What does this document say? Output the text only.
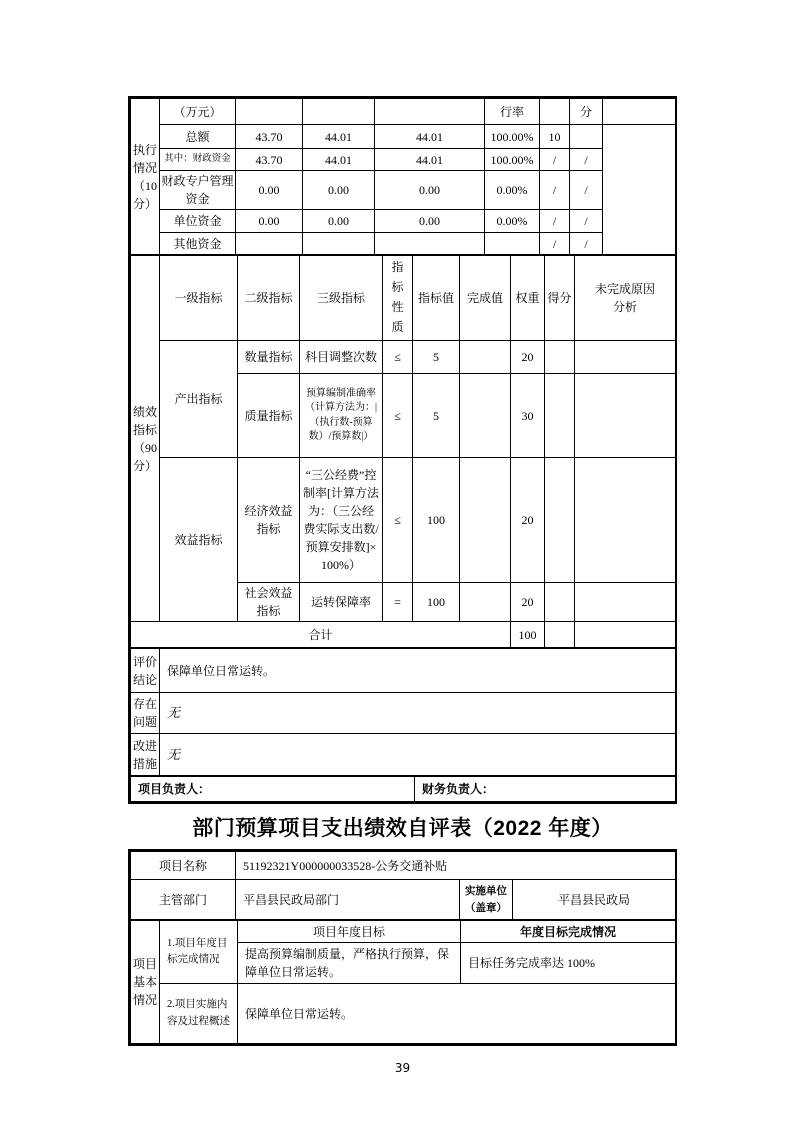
执行情况（10分）	（万元）				行率		分	
	总额	43.70	44.01	44.01	100.00%	10		
	其中：财政资金	43.70	44.01	44.01	100.00%	/	/	
	财政专户管理资金	0.00	0.00	0.00	0.00%	/	/	
	单位资金	0.00	0.00	0.00	0.00%	/	/	
	其他资金					/	/	
绩效指标（90分）	一级指标	二级指标	三级指标	指标性质	指标值	完成值	权重	得分	未完成原因分析
	产出指标	数量指标	科目调整次数	≤	5		20		
		质量指标	预算编制准确率（计算方法为：|（执行数-预算数）/预算数|）	≤	5		30		
	效益指标	经济效益指标	“三公经费”控制率[计算方法为：（三公经费实际支出数/预算安排数]×100%）	≤	100		20		
		社会效益指标	运转保障率	=	100		20		
合计							100		
评价结论	保障单位日常运转。
存在问题	无
改进措施	无
项目负责人：	财务负责人：
部门预算项目支出绩效自评表（2022 年度）
项目名称	51192321Y000000033528-公务交通补贴		
主管部门	平昌县民政局部门	实施单位（盖章）	平昌县民政局
项目基本情况	1.项目年度目标完成情况	项目年度目标	年度目标完成情况
		提高预算编制质量，严格执行预算，保障单位日常运转。	目标任务完成率达 100%
	2.项目实施内容及过程概述	保障单位日常运转。	
39
